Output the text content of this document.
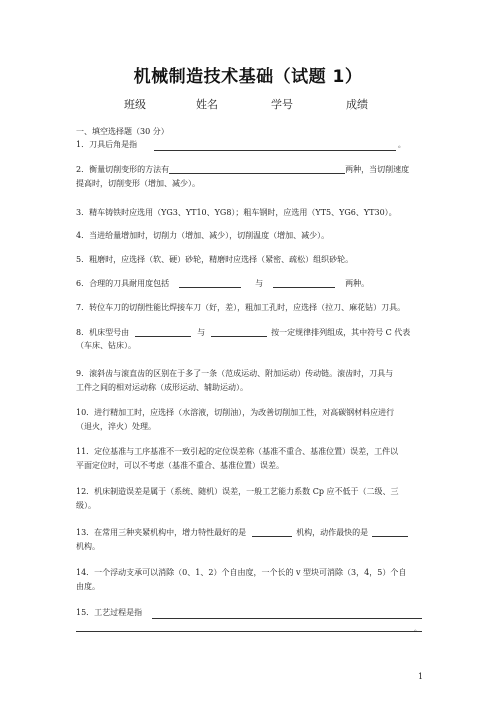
机械制造技术基础（试题 1）
班级	姓名	学号	成绩
一、填空选择题（30 分）
1．刀具后角是指	。
2．衡量切削变形的方法有	两种，当切削速度
提高时，切削变形（增加、减少）。
3．精车铸铁时应选用（YG3、YT10、YG8）；粗车钢时，应选用（YT5、YG6、YT30）。
4．当进给量增加时，切削力（增加、减少），切削温度（增加、减少）。
5．粗磨时，应选择（软、硬）砂轮，精磨时应选择（紧密、疏松）组织砂轮。
6．合理的刀具耐用度包括	与	两种。
7．转位车刀的切削性能比焊接车刀（好，差），粗加工孔时，应选择（拉刀、麻花钻）刀具。
8．机床型号由	与	按一定规律排列组成，其中符号 C 代表
（车床、钻床）。
9．滚斜齿与滚直齿的区别在于多了一条（范成运动、附加运动）传动链。滚齿时，刀具与
工件之间的相对运动称（成形运动、辅助运动）。
10．进行精加工时，应选择（水溶液，切削油），为改善切削加工性，对高碳钢材料应进行
（退火，淬火）处理。
11．定位基准与工序基准不一致引起的定位误差称（基准不重合、基准位置）误差，工件以
平面定位时，可以不考虑（基准不重合、基准位置）误差。
12．机床制造误差是属于（系统、随机）误差，一般工艺能力系数 Cp 应不低于（二级、三
级）。
13．在常用三种夹紧机构中，增力特性最好的是	机构，动作最快的是
机构。
14．一个浮动支承可以消除（0、1、2）个自由度，一个长的 v 型块可消除（3，4，5）个自
由度。
15．工艺过程是指
。
1
